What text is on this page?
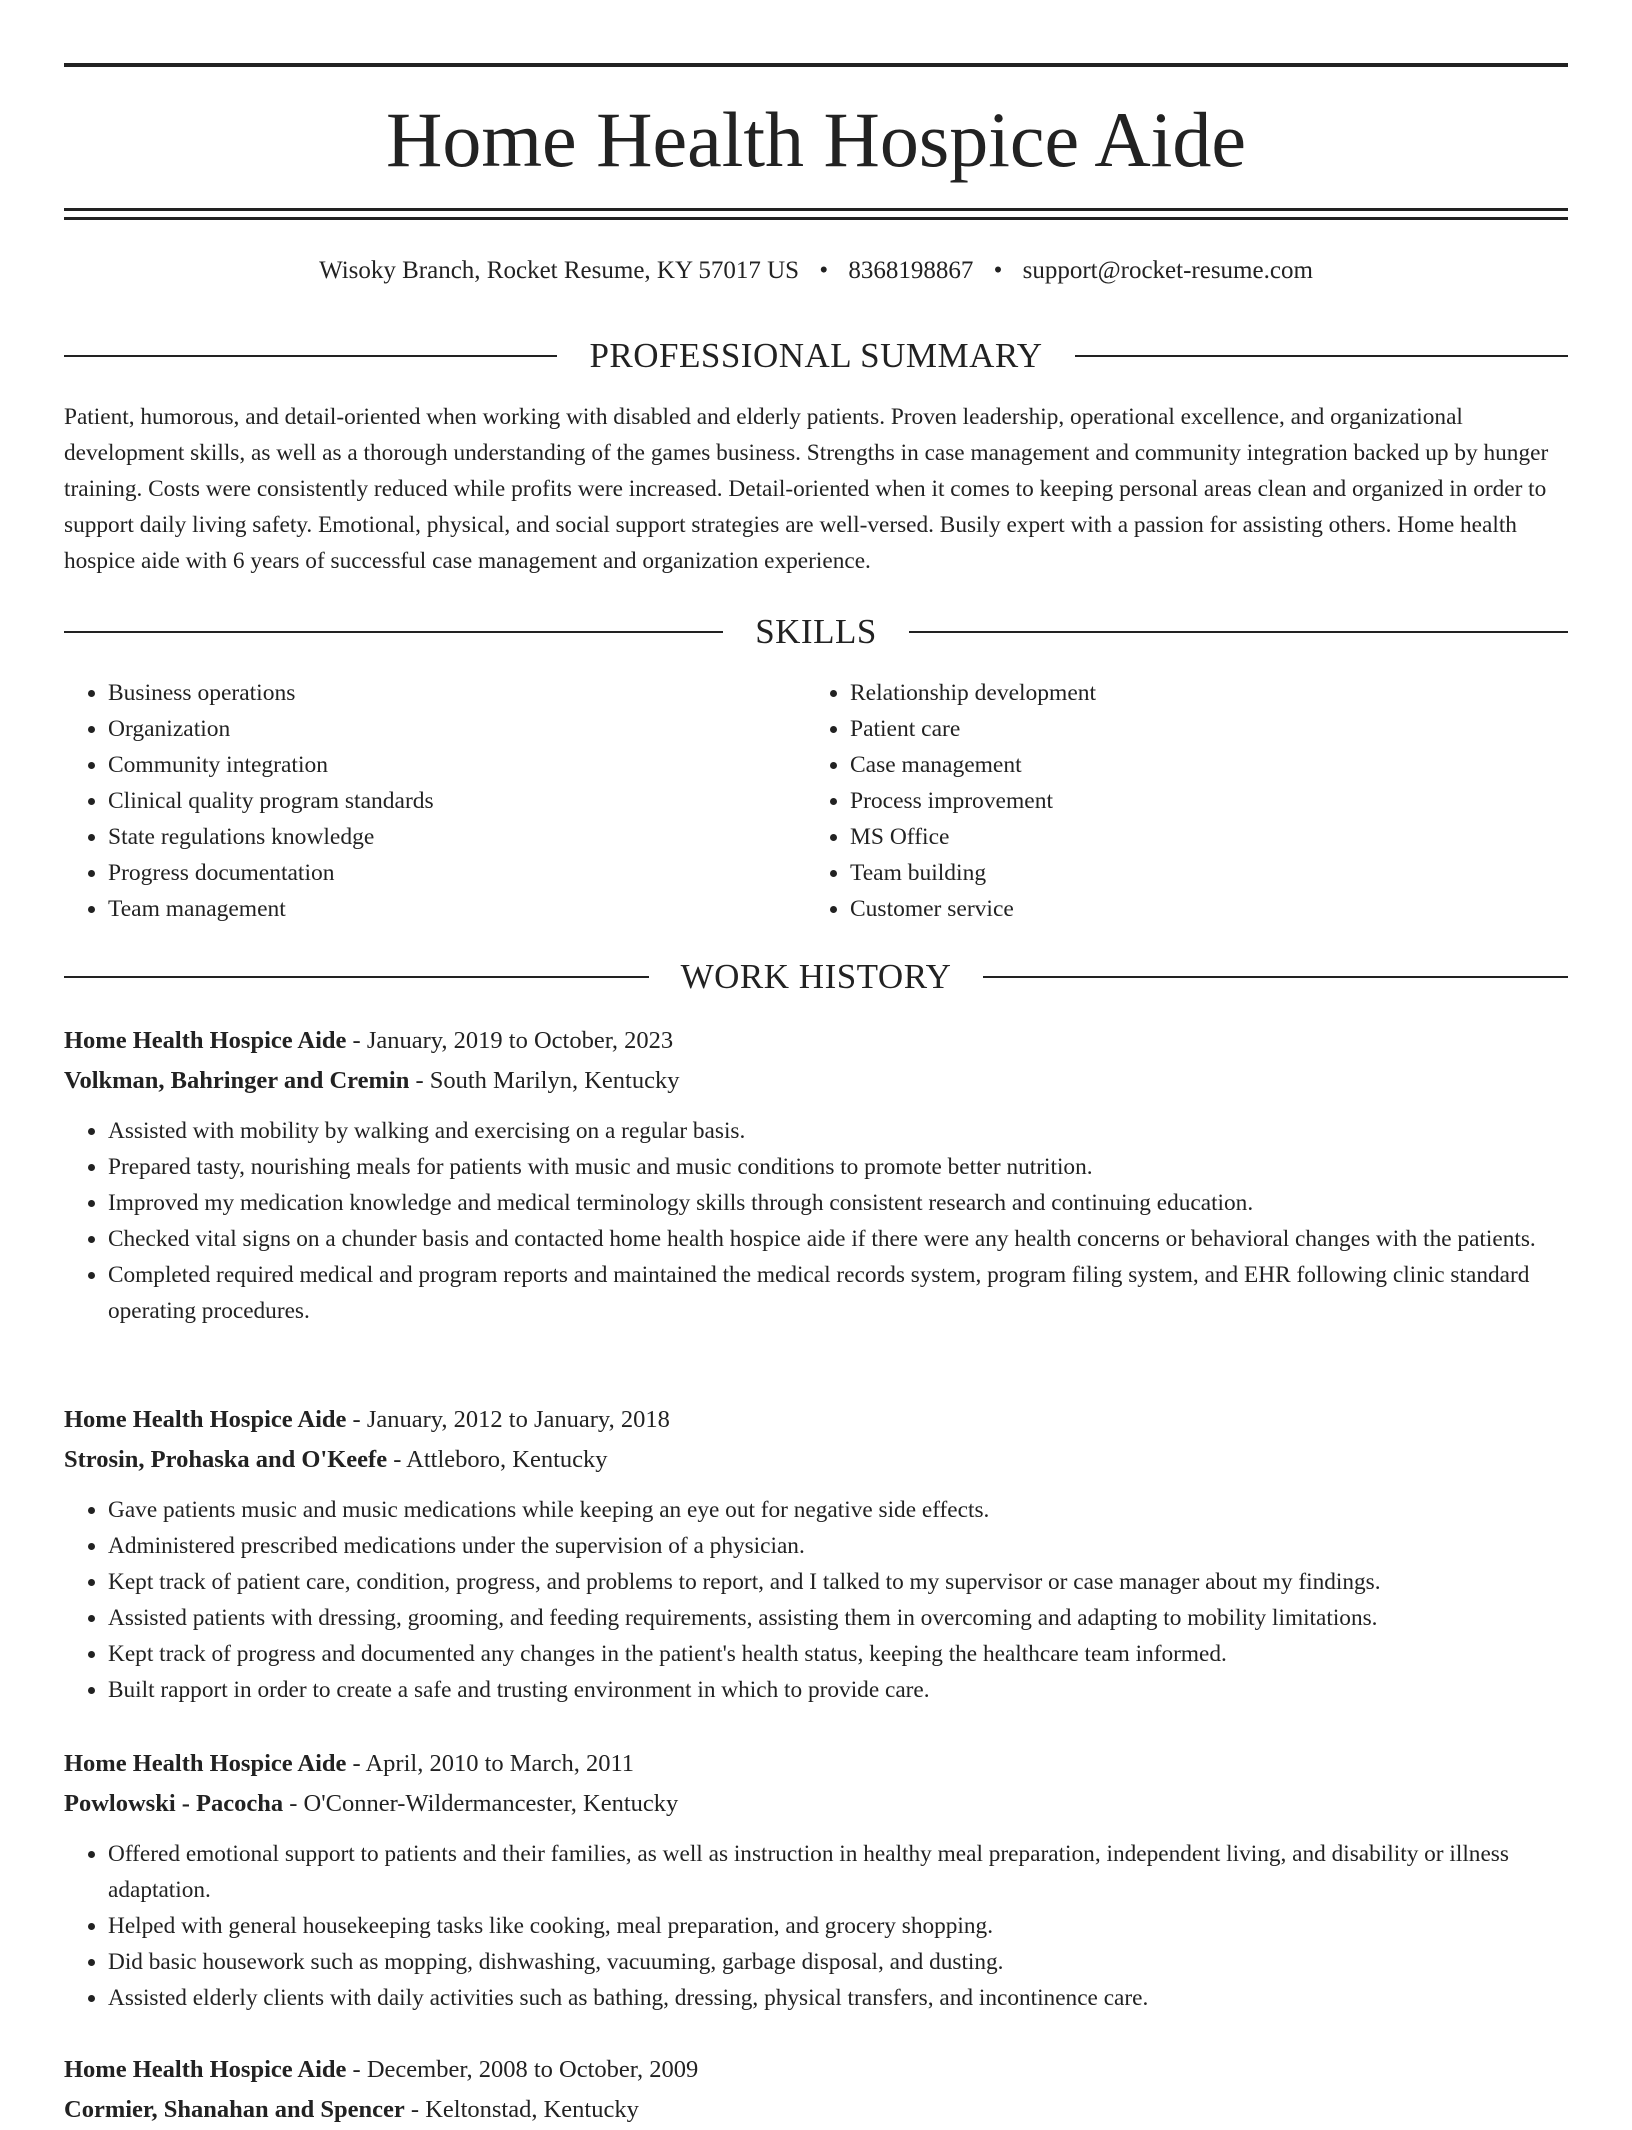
Home Health Hospice Aide
Wisoky Branch, Rocket Resume, KY 57017 US • 8368198867 • support@rocket-resume.com
PROFESSIONAL SUMMARY

Patient, humorous, and detail-oriented when working with disabled and elderly patients. Proven leadership, operational excellence, and organizational development skills, as well as a thorough understanding of the games business. Strengths in case management and community integration backed up by hunger training. Costs were consistently reduced while profits were increased. Detail-oriented when it comes to keeping personal areas clean and organized in order to support daily living safety. Emotional, physical, and social support strategies are well-versed. Busily expert with a passion for assisting others. Home health hospice aide with 6 years of successful case management and organization experience.

SKILLS
• Business operations
• Organization
• Community integration
• Clinical quality program standards
• State regulations knowledge
• Progress documentation
• Team management
• Relationship development
• Patient care
• Case management
• Process improvement
• MS Office
• Team building
• Customer service
WORK HISTORY
Home Health Hospice Aide - January, 2019 to October, 2023
Volkman, Bahringer and Cremin - South Marilyn, Kentucky
• Assisted with mobility by walking and exercising on a regular basis.
• Prepared tasty, nourishing meals for patients with music and music conditions to promote better nutrition.
• Improved my medication knowledge and medical terminology skills through consistent research and continuing education.
• Checked vital signs on a chunder basis and contacted home health hospice aide if there were any health concerns or behavioral changes with the patients.
• Completed required medical and program reports and maintained the medical records system, program filing system, and EHR following clinic standard operating procedures.
Home Health Hospice Aide - January, 2012 to January, 2018
Strosin, Prohaska and O'Keefe - Attleboro, Kentucky
• Gave patients music and music medications while keeping an eye out for negative side effects.
• Administered prescribed medications under the supervision of a physician.
• Kept track of patient care, condition, progress, and problems to report, and I talked to my supervisor or case manager about my findings.
• Assisted patients with dressing, grooming, and feeding requirements, assisting them in overcoming and adapting to mobility limitations.
• Kept track of progress and documented any changes in the patient's health status, keeping the healthcare team informed.
• Built rapport in order to create a safe and trusting environment in which to provide care.
Home Health Hospice Aide - April, 2010 to March, 2011
Powlowski - Pacocha - O'Conner-Wildermancester, Kentucky
• Offered emotional support to patients and their families, as well as instruction in healthy meal preparation, independent living, and disability or illness adaptation.
• Helped with general housekeeping tasks like cooking, meal preparation, and grocery shopping.
• Did basic housework such as mopping, dishwashing, vacuuming, garbage disposal, and dusting.
• Assisted elderly clients with daily activities such as bathing, dressing, physical transfers, and incontinence care.
Home Health Hospice Aide - December, 2008 to October, 2009
Cormier, Shanahan and Spencer - Keltonstad, Kentucky
